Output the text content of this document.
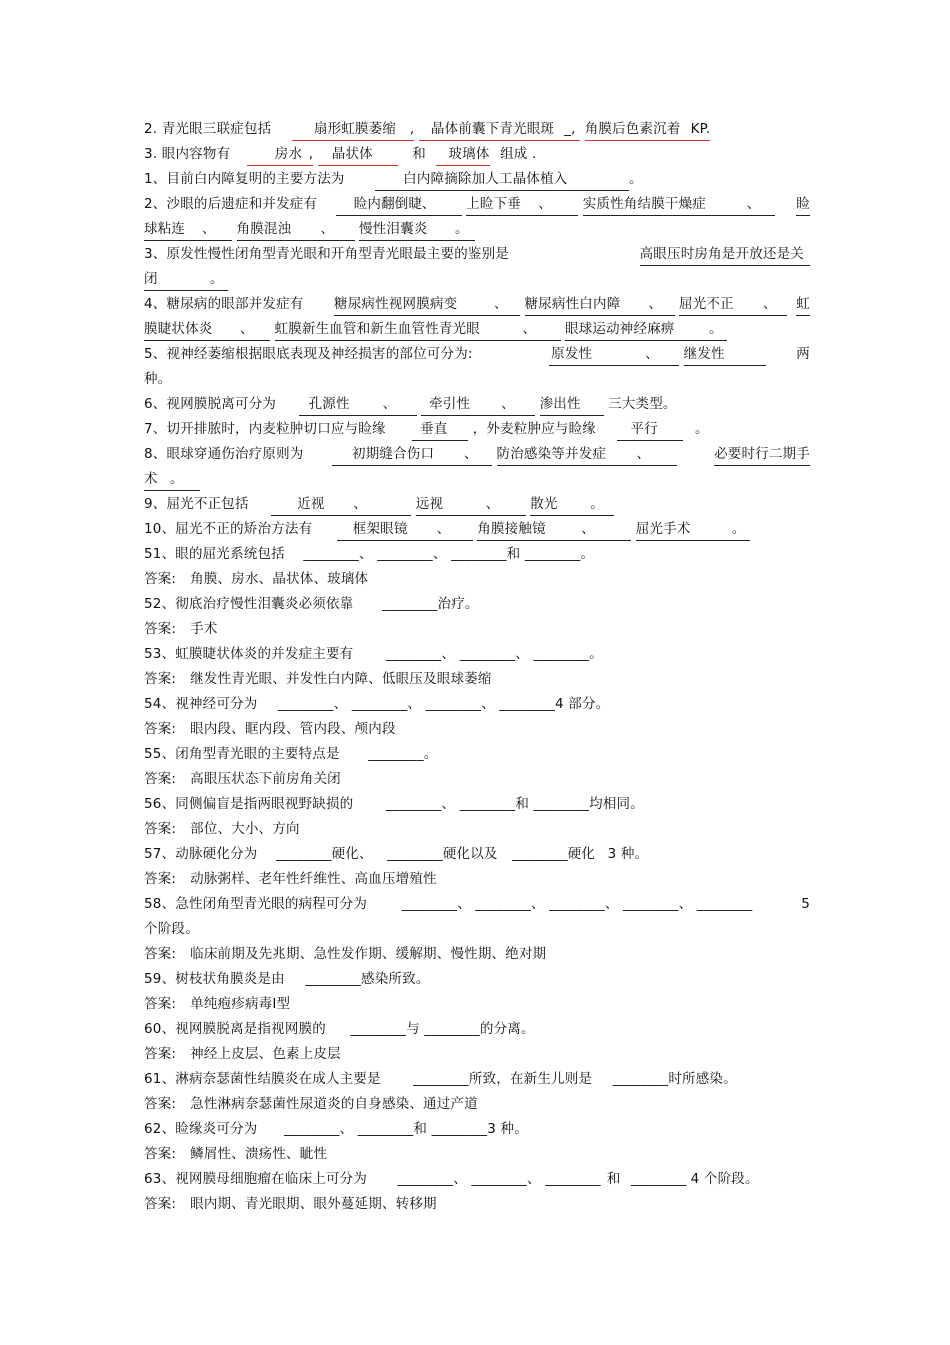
2. 青光眼三联症包括	扇形虹膜萎缩 , 晶体前囊下青光眼斑 _, 角膜后色素沉着 KP.
3. 眼内容物有	房水 , 晶状体	和 玻璃体 组成 .
1、目前白内障复明的主要方法为	白内障摘除加人工晶体植入	。
2、沙眼的后遗症和并发症有	睑内翻倒睫、 上睑下垂 、 实质性角结膜干燥症	、	睑
球粘连 、 角膜混浊 、 慢性泪囊炎 。
3、原发性慢性闭角型青光眼和开角型青光眼最主要的鉴别是	高眼压时房角是开放还是关
闭	。
4、糖尿病的眼部并发症有 糖尿病性视网膜病变	、 糖尿病性白内障 、 屈光不正 、 虹
膜睫状体炎 、 虹膜新生血管和新生血管性青光眼	、 眼球运动神经麻痹	。
5、视神经萎缩根据眼底表现及神经损害的部位可分为:	原发性	、 继发性	两
种。
6、视网膜脱离可分为 孔源性 、 牵引性 、 渗出性 三大类型。
7、切开排脓时，内麦粒肿切口应与睑缘	垂直 ，外麦粒肿应与睑缘	平行	。
8、眼球穿通伤治疗原则为	初期缝合伤口 、 防治感染等并发症 、	必要时行二期手
术 。
9、屈光不正包括	近视 、	远视	、 散光 。
10、屈光不正的矫治方法有	框架眼镜 、 角膜接触镜	、	屈光手术	。
51、眼的屈光系统包括 ________、 ________、 ________和 ________。
答案: 角膜、房水、晶状体、玻璃体
52、彻底治疗慢性泪囊炎必须依靠 ________治疗。
答案: 手术
53、虹膜睫状体炎的并发症主要有 ________、 ________、 ________。
答案: 继发性青光眼、并发性白内障、低眼压及眼球萎缩
54、视神经可分为 ________、 ________、 ________、 ________4 部分。
答案: 眼内段、眶内段、管内段、颅内段
55、闭角型青光眼的主要特点是 ________。
答案: 高眼压状态下前房角关闭
56、同侧偏盲是指两眼视野缺损的 ________、 ________和 ________均相同。
答案: 部位、大小、方向
57、动脉硬化分为 ________硬化、 ________硬化以及 ________硬化 3 种。
答案: 动脉粥样、老年性纤维性、高血压增殖性
58、急性闭角型青光眼的病程可分为	________、 ________、 ________、 ________、 ________	5
个阶段。
答案: 临床前期及先兆期、急性发作期、缓解期、慢性期、绝对期
59、树枝状角膜炎是由 ________感染所致。
答案: 单纯疱疹病毒Ⅰ型
60、视网膜脱离是指视网膜的 ________与 ________的分离。
答案: 神经上皮层、色素上皮层
61、淋病奈瑟菌性结膜炎在成人主要是 ________所致，在新生儿则是 ________时所感染。
答案: 急性淋病奈瑟菌性尿道炎的自身感染、通过产道
62、睑缘炎可分为 ________、 ________和 ________3 种。
答案: 鳞屑性、溃疡性、眦性
63、视网膜母细胞瘤在临床上可分为 ________、 ________、 ________ 和 ________ 4 个阶段。
答案: 眼内期、青光眼期、眼外蔓延期、转移期
